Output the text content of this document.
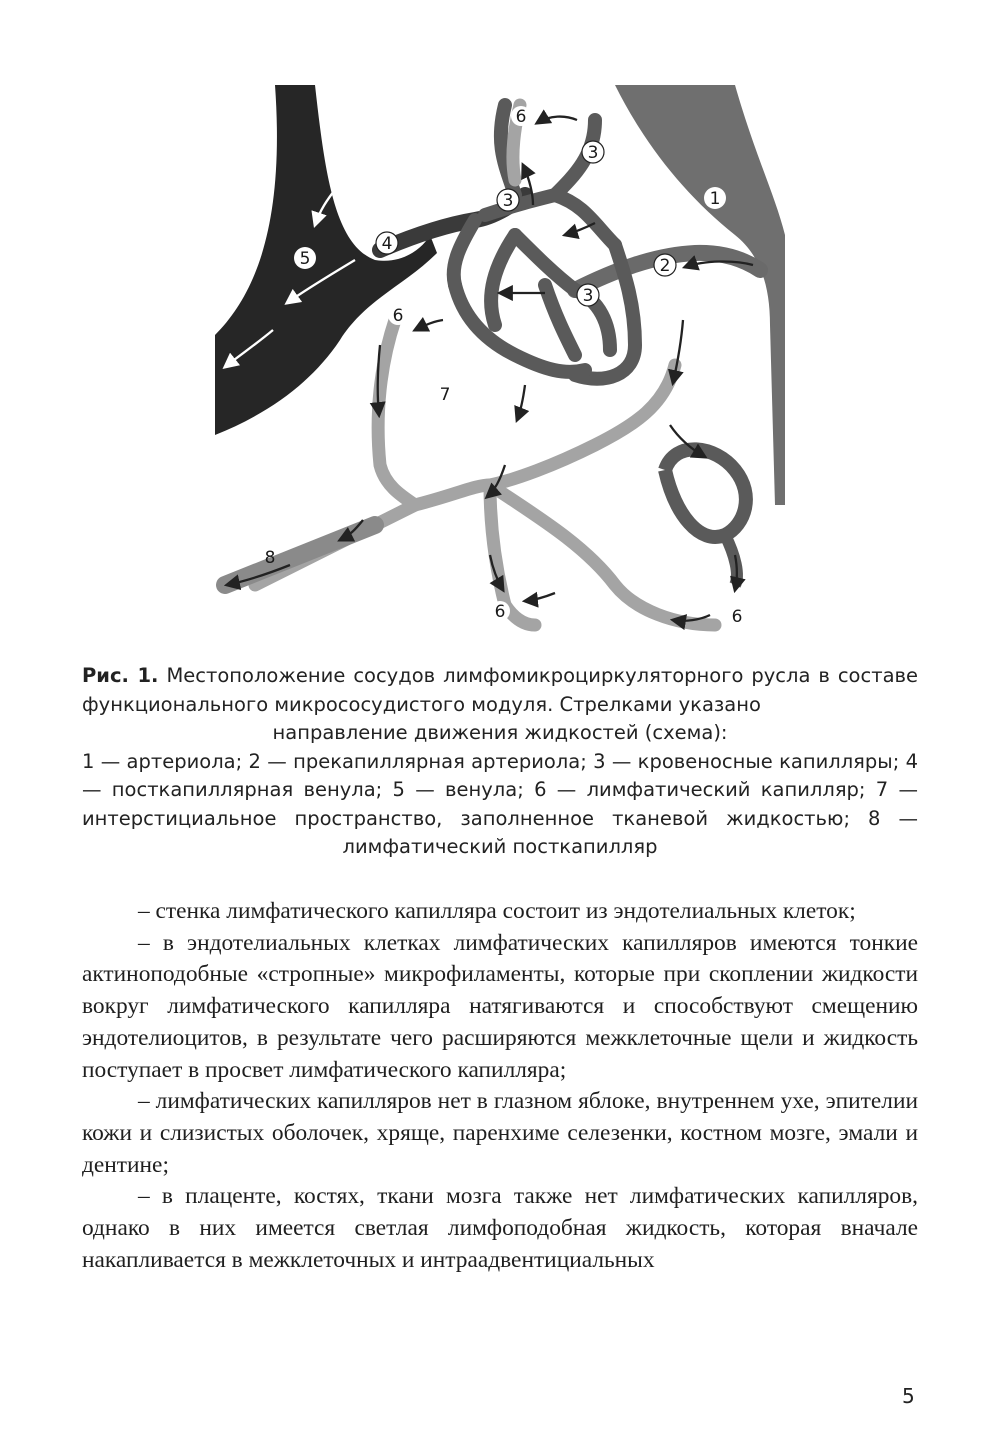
1
2
3
3
3
4
5
6
6
6	6
7
8

Рис. 1. Местоположение сосудов лимфомикроциркуляторного русла в составе функционального микрососудистого модуля. Стрелками указано

направление движения жидкостей (схема):

1 — артериола; 2 — прекапиллярная артериола; 3 — кровеносные капилляры; 4 — посткапиллярная венула; 5 — венула; 6 — лимфатический капилляр; 7 — интерстициальное пространство, заполненное тканевой жидкостью; 8 — лимфатический посткапилляр

– стенка лимфатического капилляра состоит из эндотелиальных клеток;

– в эндотелиальных клетках лимфатических капилляров имеются тонкие актиноподобные «стропные» микрофиламенты, которые при скоплении жидкости вокруг лимфатического капилляра натягиваются и способствуют смещению эндотелиоцитов, в результате чего расширяются межклеточные щели и жидкость поступает в просвет лимфатического капилляра;

– лимфатических капилляров нет в глазном яблоке, внутреннем ухе, эпителии кожи и слизистых оболочек, хряще, паренхиме селезенки, костном мозге, эмали и дентине;

– в плаценте, костях, ткани мозга также нет лимфатических капилляров, однако в них имеется светлая лимфоподобная жидкость, которая вначале накапливается в межклеточных и интраадвентициальных

5
